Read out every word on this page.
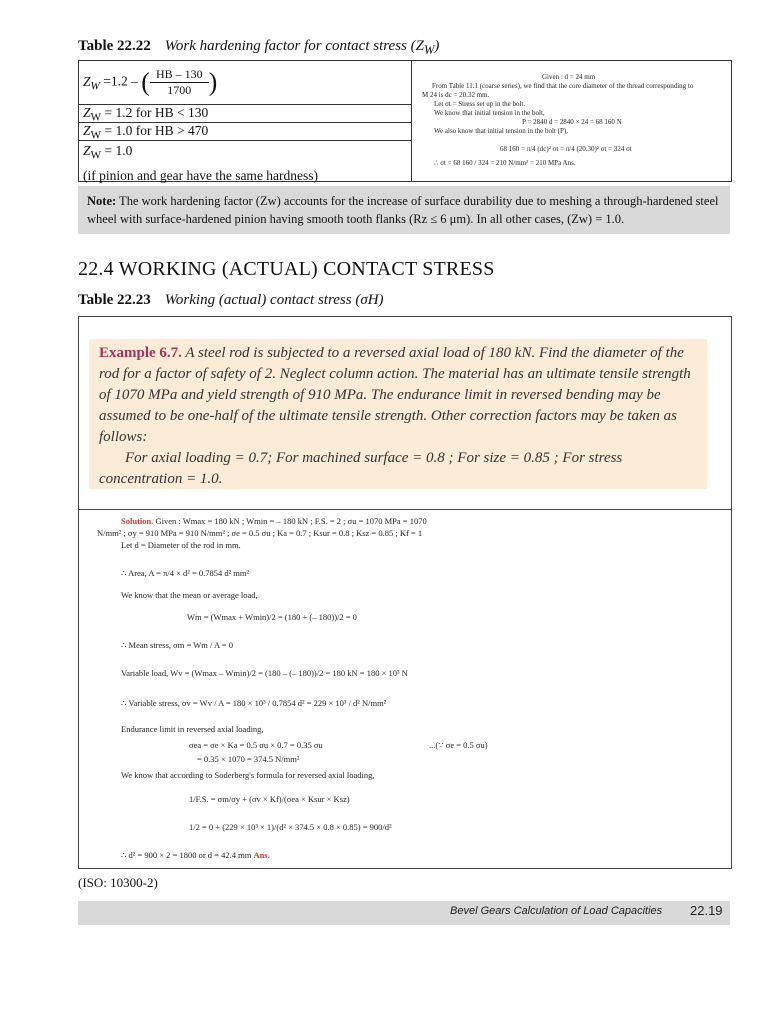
Table 22.22 Work hardening factor for contact stress $(Z_W)$
$Z_W =1.2$ – ( $\frac{HB - 130}{1700}$ )
$Z_W = 1.2$ for HB < 130
$Z_W = 1.0$ for HB > 470
$Z_W = 1.0$
(if pinion and gear have the same hardness)
Given : d = 24 mm
From Table 11.1 (coarse series), we find that the core diameter of the thread corresponding to
M 24 is dc = 20.32 mm.
Let σt = Stress set up in the bolt.
We know that initial tension in the bolt,
P = 2840 d = 2840 × 24 = 68 160 N
We also know that initial tension in the bolt (P),
68 160 = π/4 (dc)² σt = π/4 (20.30)² σt = 324 σt
∴ σt = 68 160 / 324 = 210 N/mm² = 210 MPa Ans.
Note: The work hardening factor (Zw) accounts for the increase of surface durability due to meshing a through-hardened steel wheel with surface-hardened pinion having smooth tooth flanks (Rz ≤ 6 μm). In all other cases, (Zw) = 1.0.
22.4 WORKING (ACTUAL) CONTACT STRESS
Table 22.23 Working (actual) contact stress (σH)
Example 6.7. A steel rod is subjected to a reversed axial load of 180 kN. Find the diameter of the rod for a factor of safety of 2. Neglect column action. The material has an ultimate tensile strength of 1070 MPa and yield strength of 910 MPa. The endurance limit in reversed bending may be assumed to be one-half of the ultimate tensile strength. Other correction factors may be taken as follows:
For axial loading = 0.7; For machined surface = 0.8 ; For size = 0.85 ; For stress concentration = 1.0.
Solution. Given : Wmax = 180 kN ; Wmin = – 180 kN ; F.S. = 2 ; σu = 1070 MPa = 1070
N/mm² ; σy = 910 MPa = 910 N/mm² ; σe = 0.5 σu ; Ka = 0.7 ; Ksur = 0.8 ; Ksz = 0.85 ; Kf = 1
Let d = Diameter of the rod in mm.
∴ Area, A = π/4 × d² = 0.7854 d² mm²
We know that the mean or average load,
Wm = (Wmax + Wmin)/2 = (180 + (– 180))/2 = 0
∴ Mean stress, σm = Wm / A = 0
Variable load, Wv = (Wmax – Wmin)/2 = (180 – (– 180))/2 = 180 kN = 180 × 10³ N
∴ Variable stress, σv = Wv / A = 180 × 10³ / 0.7854 d² = 229 × 10³ / d² N/mm²
Endurance limit in reversed axial loading,
σea = σe × Ka = 0.5 σu × 0.7 = 0.35 σu	...(∵ σe = 0.5 σu)
= 0.35 × 1070 = 374.5 N/mm²
We know that according to Soderberg's formula for reversed axial loading,
1/F.S. = σm/σy + (σv × Kf)/(σea × Ksur × Ksz)
1/2 = 0 + (229 × 10³ × 1)/(d² × 374.5 × 0.8 × 0.85) = 900/d²
∴ d² = 900 × 2 = 1800 or d = 42.4 mm Ans.
(ISO: 10300-2)
Bevel Gears Calculation of Load Capacities 22.19
